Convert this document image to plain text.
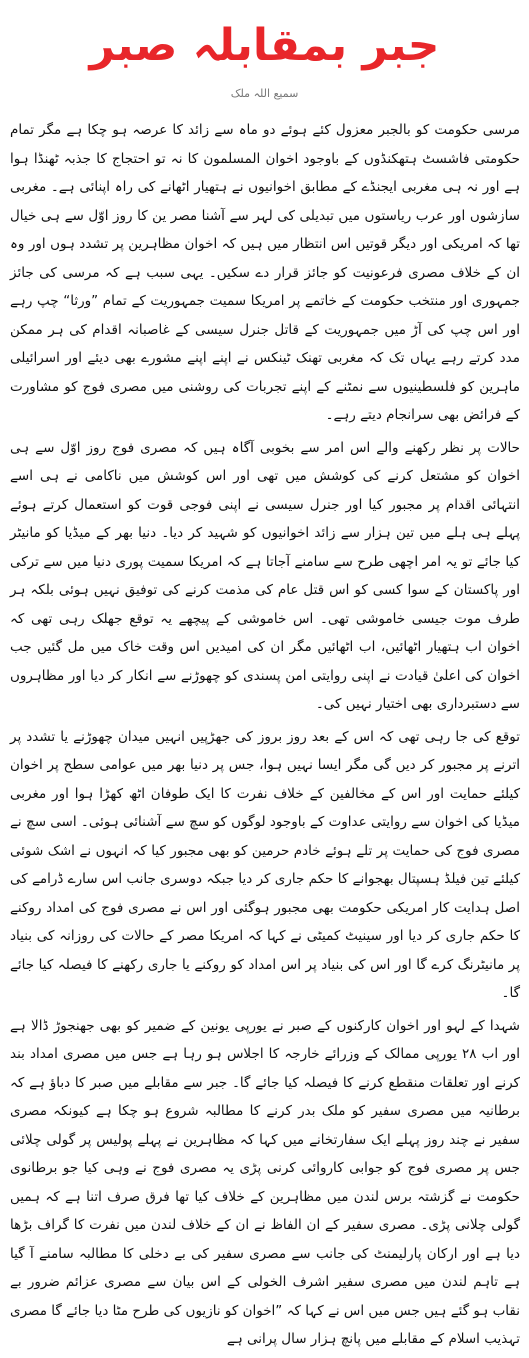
جبر بمقابلہ صبر
سمیع اللہ ملک

مرسی حکومت کو بالجبر معزول کئے ہوئے دو ماہ سے زائد کا عرصہ ہو چکا ہے مگر تمام حکومتی فاشسٹ ہتھکنڈوں کے باوجود اخوان المسلمون کا نہ تو احتجاج کا جذبہ ٹھنڈا ہوا ہے اور نہ ہی مغربی ایجنڈے کے مطابق اخوانیوں نے ہتھیار اٹھانے کی راہ اپنائی ہے۔ مغربی سازشوں اور عرب ریاستوں میں تبدیلی کی لہر سے آشنا مصر ین کا روز اوّل سے ہی خیال تھا کہ امریکی اور دیگر قوتیں اس انتظار میں ہیں کہ اخوان مظاہرین پر تشدد ہوں اور وہ ان کے خلاف مصری فرعونیت کو جائز قرار دے سکیں۔ یہی سبب ہے کہ مرسی کی جائز جمہوری اور منتخب حکومت کے خاتمے پر امریکا سمیت جمہوریت کے تمام ”ورثا“ چپ رہے اور اس چپ کی آڑ میں جمہوریت کے قاتل جنرل سیسی کے غاصبانہ اقدام کی ہر ممکن مدد کرتے رہے یہاں تک کہ مغربی تھنک ٹینکس نے اپنے اپنے مشورے بھی دیئے اور اسرائیلی ماہرین کو فلسطینیوں سے نمٹنے کے اپنے تجربات کی روشنی میں مصری فوج کو مشاورت کے فرائض بھی سرانجام دیتے رہے۔

حالات پر نظر رکھنے والے اس امر سے بخوبی آگاہ ہیں کہ مصری فوج روز اوّل سے ہی اخوان کو مشتعل کرنے کی کوشش میں تھی اور اس کوشش میں ناکامی نے ہی اسے انتہائی اقدام پر مجبور کیا اور جنرل سیسی نے اپنی فوجی قوت کو استعمال کرتے ہوئے پہلے ہی ہلے میں تین ہزار سے زائد اخوانیوں کو شہید کر دیا۔ دنیا بھر کے میڈیا کو مانیٹر کیا جائے تو یہ امر اچھی طرح سے سامنے آجاتا ہے کہ امریکا سمیت پوری دنیا میں سے ترکی اور پاکستان کے سوا کسی کو اس قتل عام کی مذمت کرنے کی توفیق نہیں ہوئی بلکہ ہر طرف موت جیسی خاموشی تھی۔ اس خاموشی کے پیچھے یہ توقع جھلک رہی تھی کہ اخوان اب ہتھیار اٹھائیں، اب اٹھائیں مگر ان کی امیدیں اس وقت خاک میں مل گئیں جب اخوان کی اعلیٰ قیادت نے اپنی روایتی امن پسندی کو چھوڑنے سے انکار کر دیا اور مظاہروں سے دستبرداری بھی اختیار نہیں کی۔

توقع کی جا رہی تھی کہ اس کے بعد روز بروز کی جھڑپیں انہیں میدان چھوڑنے یا تشدد پر اترنے پر مجبور کر دیں گی مگر ایسا نہیں ہوا، جس پر دنیا بھر میں عوامی سطح پر اخوان کیلئے حمایت اور اس کے مخالفین کے خلاف نفرت کا ایک طوفان اٹھ کھڑا ہوا اور مغربی میڈیا کی اخوان سے روایتی عداوت کے باوجود لوگوں کو سچ سے آشنائی ہوئی۔ اسی سچ نے مصری فوج کی حمایت پر تلے ہوئے خادم حرمین کو بھی مجبور کیا کہ انہوں نے اشک شوئی کیلئے تین فیلڈ ہسپتال بھجوانے کا حکم جاری کر دیا جبکہ دوسری جانب اس سارے ڈرامے کی اصل ہدایت کار امریکی حکومت بھی مجبور ہوگئی اور اس نے مصری فوج کی امداد روکنے کا حکم جاری کر دیا اور سینیٹ کمیٹی نے کہا کہ امریکا مصر کے حالات کی روزانہ کی بنیاد پر مانیٹرنگ کرے گا اور اس کی بنیاد پر اس امداد کو روکنے یا جاری رکھنے کا فیصلہ کیا جائے گا۔

شہدا کے لہو اور اخوان کارکنوں کے صبر نے یورپی یونین کے ضمیر کو بھی جھنجوڑ ڈالا ہے اور اب ۲۸ یورپی ممالک کے وزرائے خارجہ کا اجلاس ہو رہا ہے جس میں مصری امداد بند کرنے اور تعلقات منقطع کرنے کا فیصلہ کیا جائے گا۔ جبر سے مقابلے میں صبر کا دباؤ ہے کہ برطانیہ میں مصری سفیر کو ملک بدر کرنے کا مطالبہ شروع ہو چکا ہے کیونکہ مصری سفیر نے چند روز پہلے ایک سفارتخانے میں کہا کہ مظاہرین نے پہلے پولیس پر گولی چلائی جس پر مصری فوج کو جوابی کاروائی کرنی پڑی یہ مصری فوج نے وہی کیا جو برطانوی حکومت نے گزشتہ برس لندن میں مظاہرین کے خلاف کیا تھا فرق صرف اتنا ہے کہ ہمیں گولی چلانی پڑی۔ مصری سفیر کے ان الفاظ نے ان کے خلاف لندن میں نفرت کا گراف بڑھا دیا ہے اور ارکان پارلیمنٹ کی جانب سے مصری سفیر کی بے دخلی کا مطالبہ سامنے آ گیا ہے تاہم لندن میں مصری سفیر اشرف الخولی کے اس بیان سے مصری عزائم ضرور بے نقاب ہو گئے ہیں جس میں اس نے کہا کہ ”اخوان کو نازیوں کی طرح مٹا دیا جائے گا مصری تہذیب اسلام کے مقابلے میں پانچ ہزار سال پرانی ہے
